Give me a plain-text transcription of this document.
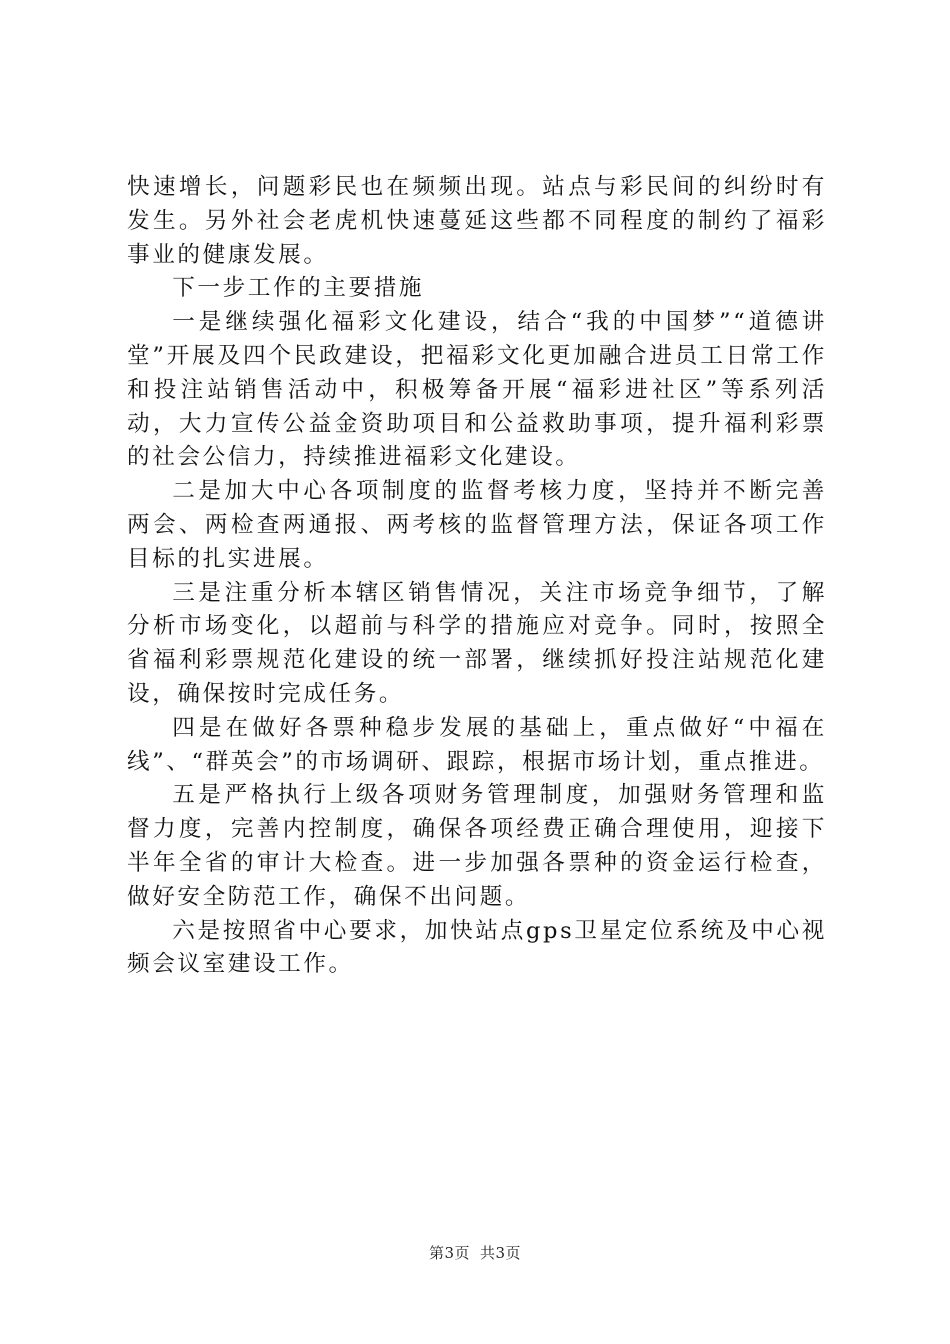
快速增长，问题彩民也在频频出现。站点与彩民间的纠纷时有发生。另外社会老虎机快速蔓延这些都不同程度的制约了福彩事业的健康发展。

下一步工作的主要措施

一是继续强化福彩文化建设，结合“我的中国梦”“道德讲堂”开展及四个民政建设，把福彩文化更加融合进员工日常工作和投注站销售活动中，积极筹备开展“福彩进社区”等系列活动，大力宣传公益金资助项目和公益救助事项，提升福利彩票的社会公信力，持续推进福彩文化建设。

二是加大中心各项制度的监督考核力度，坚持并不断完善两会、两检查两通报、两考核的监督管理方法，保证各项工作目标的扎实进展。

三是注重分析本辖区销售情况，关注市场竞争细节，了解分析市场变化，以超前与科学的措施应对竞争。同时，按照全省福利彩票规范化建设的统一部署，继续抓好投注站规范化建设，确保按时完成任务。

四是在做好各票种稳步发展的基础上，重点做好“中福在线”、“群英会”的市场调研、跟踪，根据市场计划，重点推进。

五是严格执行上级各项财务管理制度，加强财务管理和监督力度，完善内控制度，确保各项经费正确合理使用，迎接下半年全省的审计大检查。进一步加强各票种的资金运行检查，做好安全防范工作，确保不出问题。

六是按照省中心要求，加快站点gps卫星定位系统及中心视频会议室建设工作。

第3页 共3页
